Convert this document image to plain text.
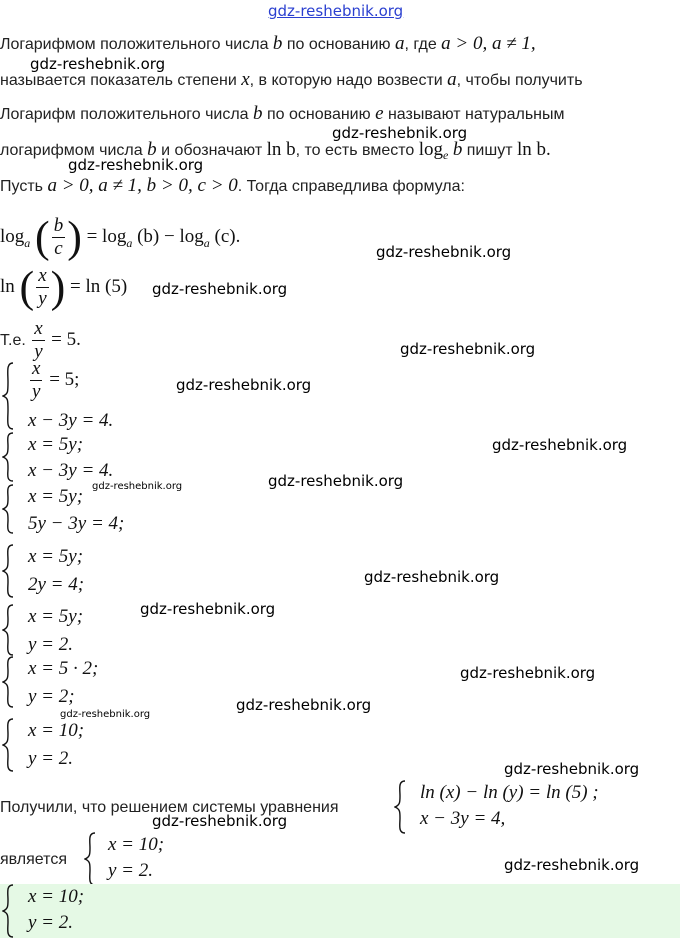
gdz-reshebnik.org
Логарифмом положительного числа b по основанию a, где a > 0, a ≠ 1,
gdz-reshebnik.org
называется показатель степени x, в которую надо возвести a, чтобы получить
Логарифм положительного числа b по основанию e называют натуральным
gdz-reshebnik.org
логарифмом числа b и обозначают ln b, то есть вместо $\log_e b$ пишут ln b.
gdz-reshebnik.org
Пусть a > 0, a ≠ 1, b > 0, c > 0. Тогда справедлива формула:
$\log_a$ ( $\frac{b}{c}$ ) = $\log_a (b) - \log_a (c)$.
gdz-reshebnik.org
ln ( $\frac{x}{y}$ ) = ln (5) gdz-reshebnik.org
Т.е. $\frac{x}{y} = 5$.	gdz-reshebnik.org
$\frac{x}{y} = 5$;
x − 3y = 4.
gdz-reshebnik.org
x = 5y;
x − 3y = 4.
gdz-reshebnik.org
gdz-reshebnik.org
gdz-reshebnik.org
x = 5y;
5y − 3y = 4;
x = 5y;
2y = 4;	gdz-reshebnik.org
x = 5y;
y = 2.
gdz-reshebnik.org
x = 5 · 2;
y = 2;
gdz-reshebnik.org
gdz-reshebnik.org
gdz-reshebnik.org
x = 10;
y = 2.	gdz-reshebnik.org
Получили, что решением системы уравнения
ln (x) − ln (y) = ln (5) ;
x − 3y = 4,
gdz-reshebnik.org
является
x = 10;
y = 2.	gdz-reshebnik.org
x = 10;
y = 2.
